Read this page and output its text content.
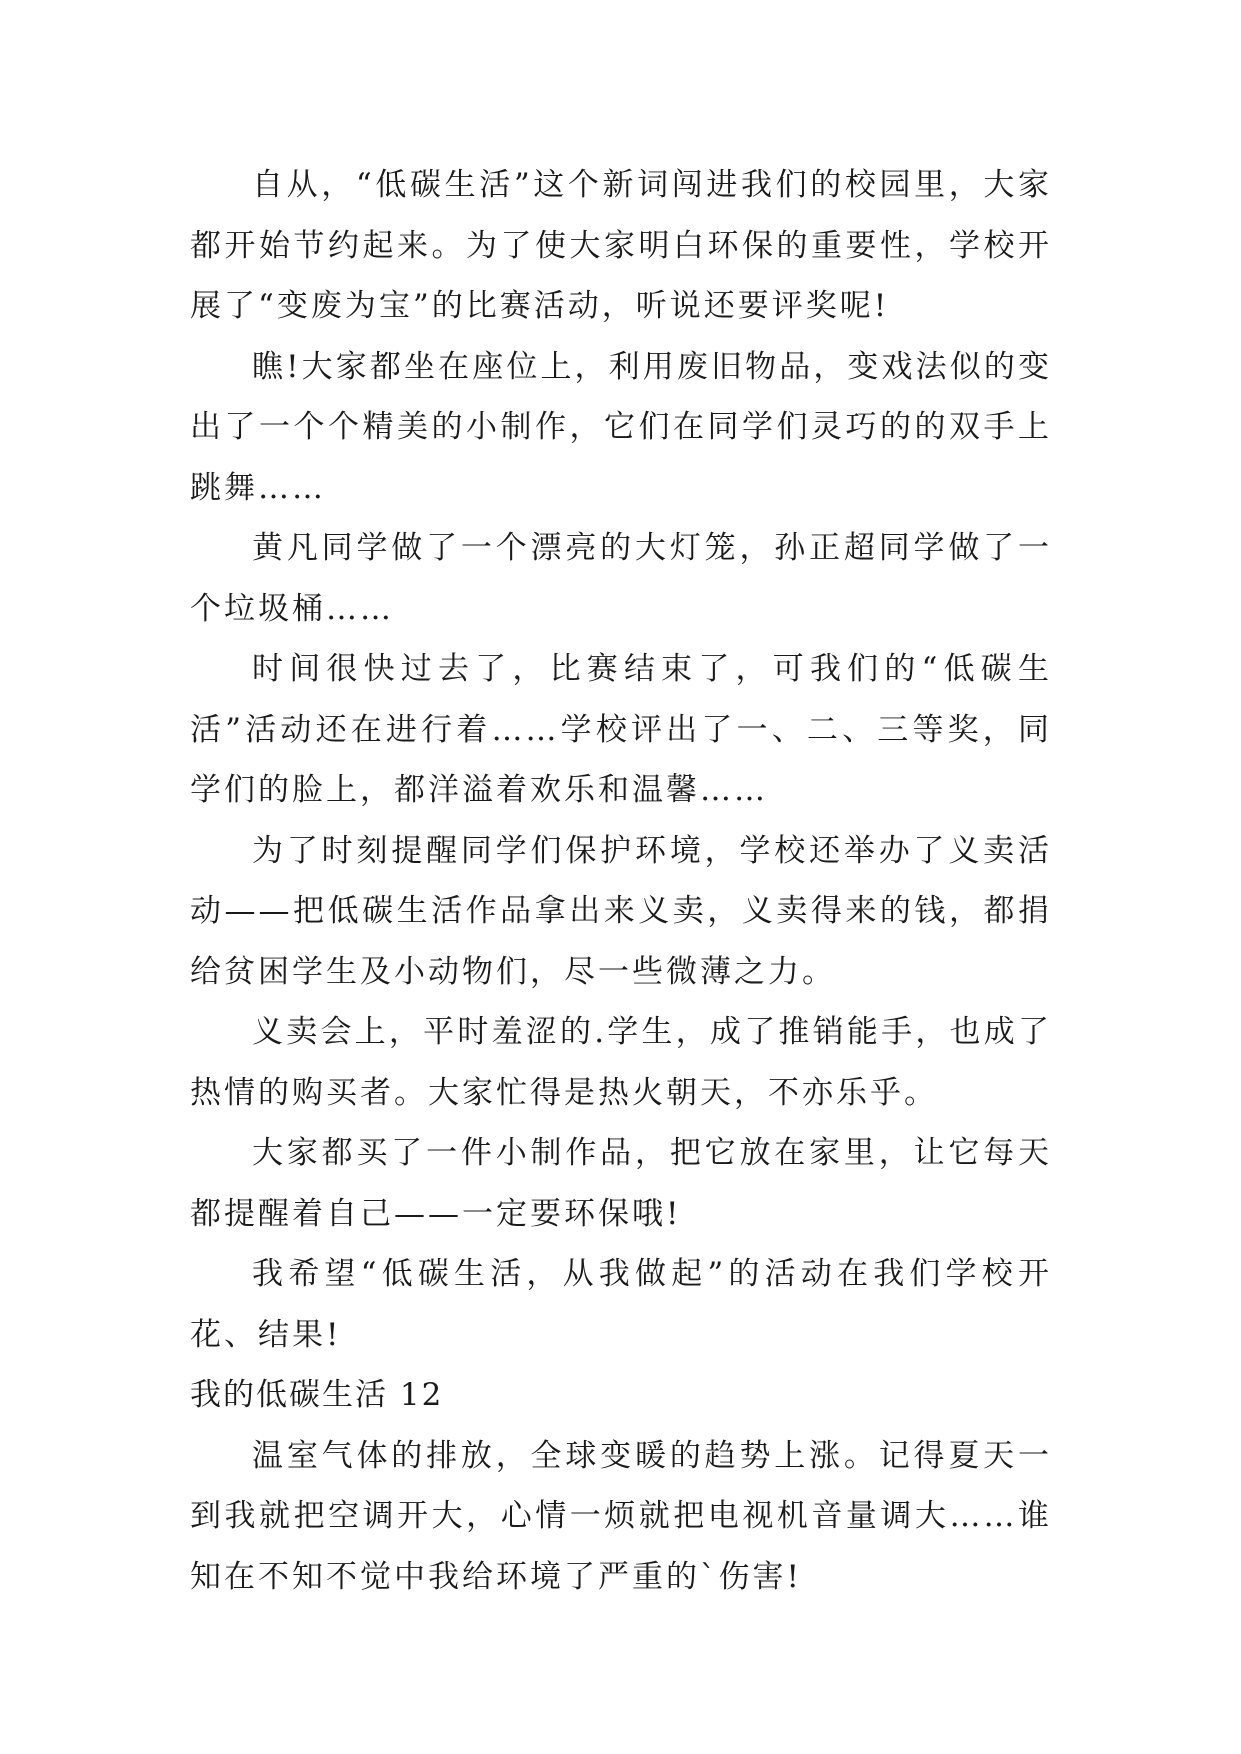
自从，“低碳生活”这个新词闯进我们的校园里，大家都开始节约起来。为了使大家明白环保的重要性，学校开展了“变废为宝”的比赛活动，听说还要评奖呢!

瞧!大家都坐在座位上，利用废旧物品，变戏法似的变出了一个个精美的小制作，它们在同学们灵巧的的双手上跳舞……

黄凡同学做了一个漂亮的大灯笼，孙正超同学做了一个垃圾桶……

时间很快过去了，比赛结束了，可我们的“低碳生活”活动还在进行着……学校评出了一、二、三等奖，同学们的脸上，都洋溢着欢乐和温馨……

为了时刻提醒同学们保护环境，学校还举办了义卖活动——把低碳生活作品拿出来义卖，义卖得来的钱，都捐给贫困学生及小动物们，尽一些微薄之力。

义卖会上，平时羞涩的.学生，成了推销能手，也成了热情的购买者。大家忙得是热火朝天，不亦乐乎。

大家都买了一件小制作品，把它放在家里，让它每天都提醒着自己——一定要环保哦!

我希望“低碳生活，从我做起”的活动在我们学校开花、结果!

我的低碳生活 12

温室气体的排放，全球变暖的趋势上涨。记得夏天一到我就把空调开大，心情一烦就把电视机音量调大……谁知在不知不觉中我给环境了严重的`伤害!
